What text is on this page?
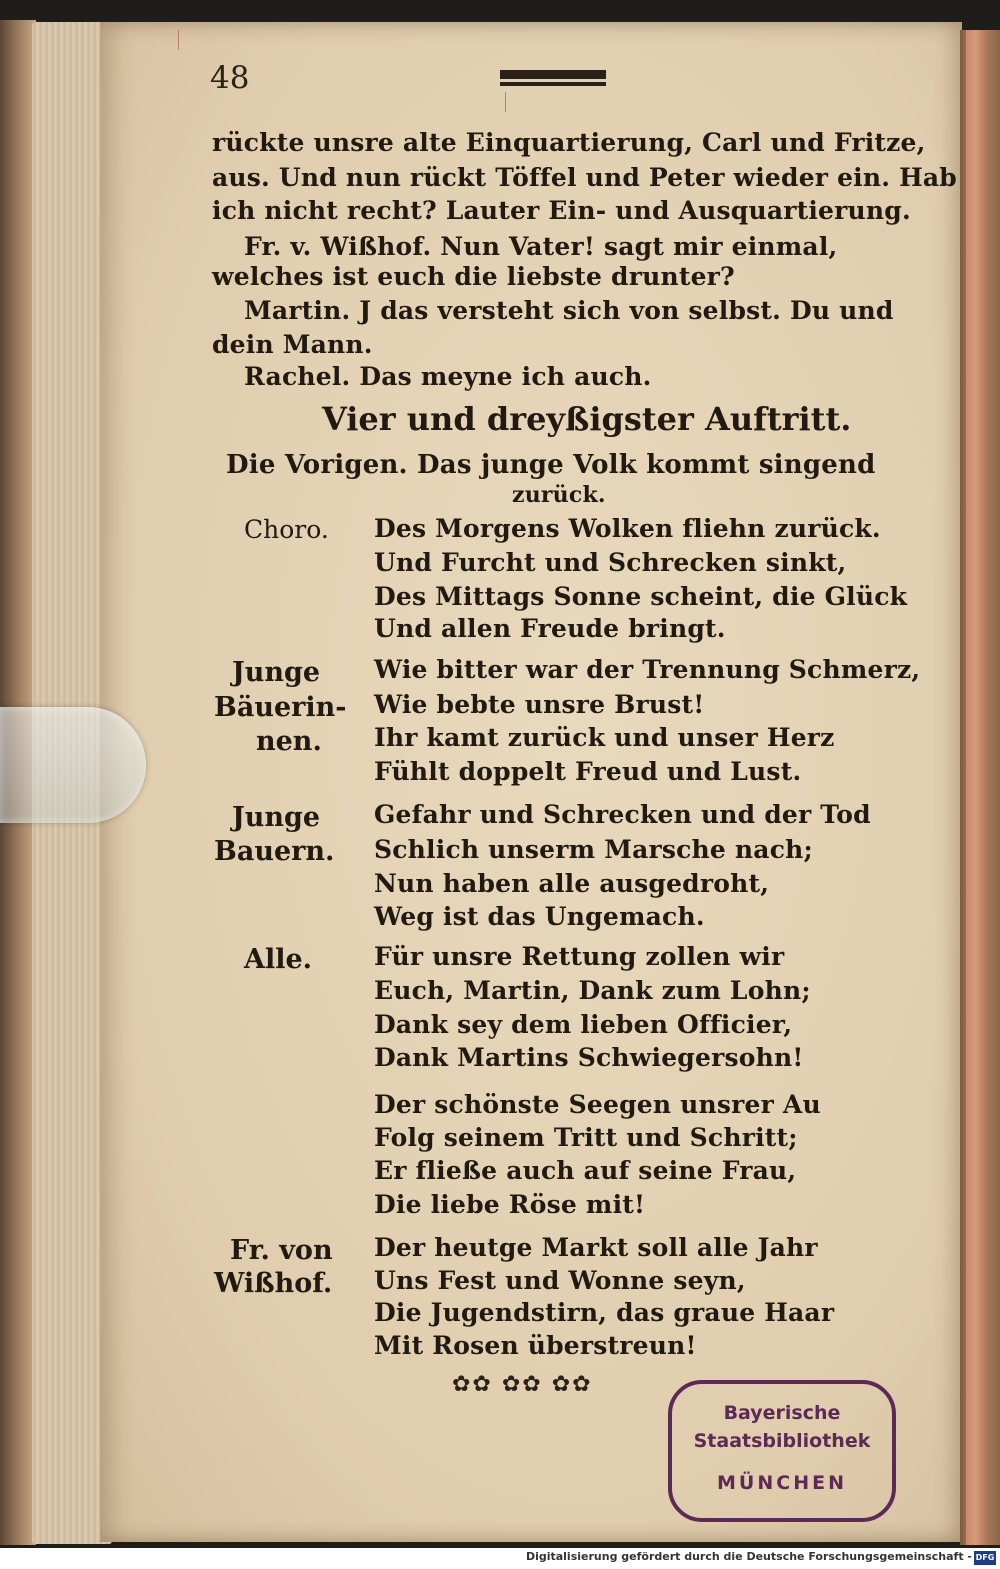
48
rückte unsre alte Einquartierung, Carl und Fritze,
aus. Und nun rückt Töffel und Peter wieder ein. Hab
ich nicht recht? Lauter Ein- und Ausquartierung.
Fr. v. Wißhof. Nun Vater! sagt mir einmal,
welches ist euch die liebste drunter?
Martin. J das versteht sich von selbst. Du und
dein Mann.
Rachel. Das meyne ich auch.
Vier und dreyßigster Auftritt.
Die Vorigen. Das junge Volk kommt singend
zurück.
Choro. Des Morgens Wolken fliehn zurück.
Und Furcht und Schrecken sinkt,
Des Mittags Sonne scheint, die Glück
Und allen Freude bringt.
Junge
Bäuerin-
nen.
Wie bitter war der Trennung Schmerz,
Wie bebte unsre Brust!
Ihr kamt zurück und unser Herz
Fühlt doppelt Freud und Lust.
Junge
Bauern.
Gefahr und Schrecken und der Tod
Schlich unserm Marsche nach;
Nun haben alle ausgedroht,
Weg ist das Ungemach.
Alle. Für unsre Rettung zollen wir
Euch, Martin, Dank zum Lohn;
Dank sey dem lieben Officier,
Dank Martins Schwiegersohn!
Der schönste Seegen unsrer Au
Folg seinem Tritt und Schritt;
Er fließe auch auf seine Frau,
Die liebe Röse mit!
Fr. von
Wißhof.
Der heutge Markt soll alle Jahr
Uns Fest und Wonne seyn,
Die Jugendstirn, das graue Haar
Mit Rosen überstreun!
✿✿ ✿✿ ✿✿
Bayerische
Staatsbibliothek
MÜNCHEN
Digitalisierung gefördert durch die Deutsche Forschungsgemeinschaft - DFG
